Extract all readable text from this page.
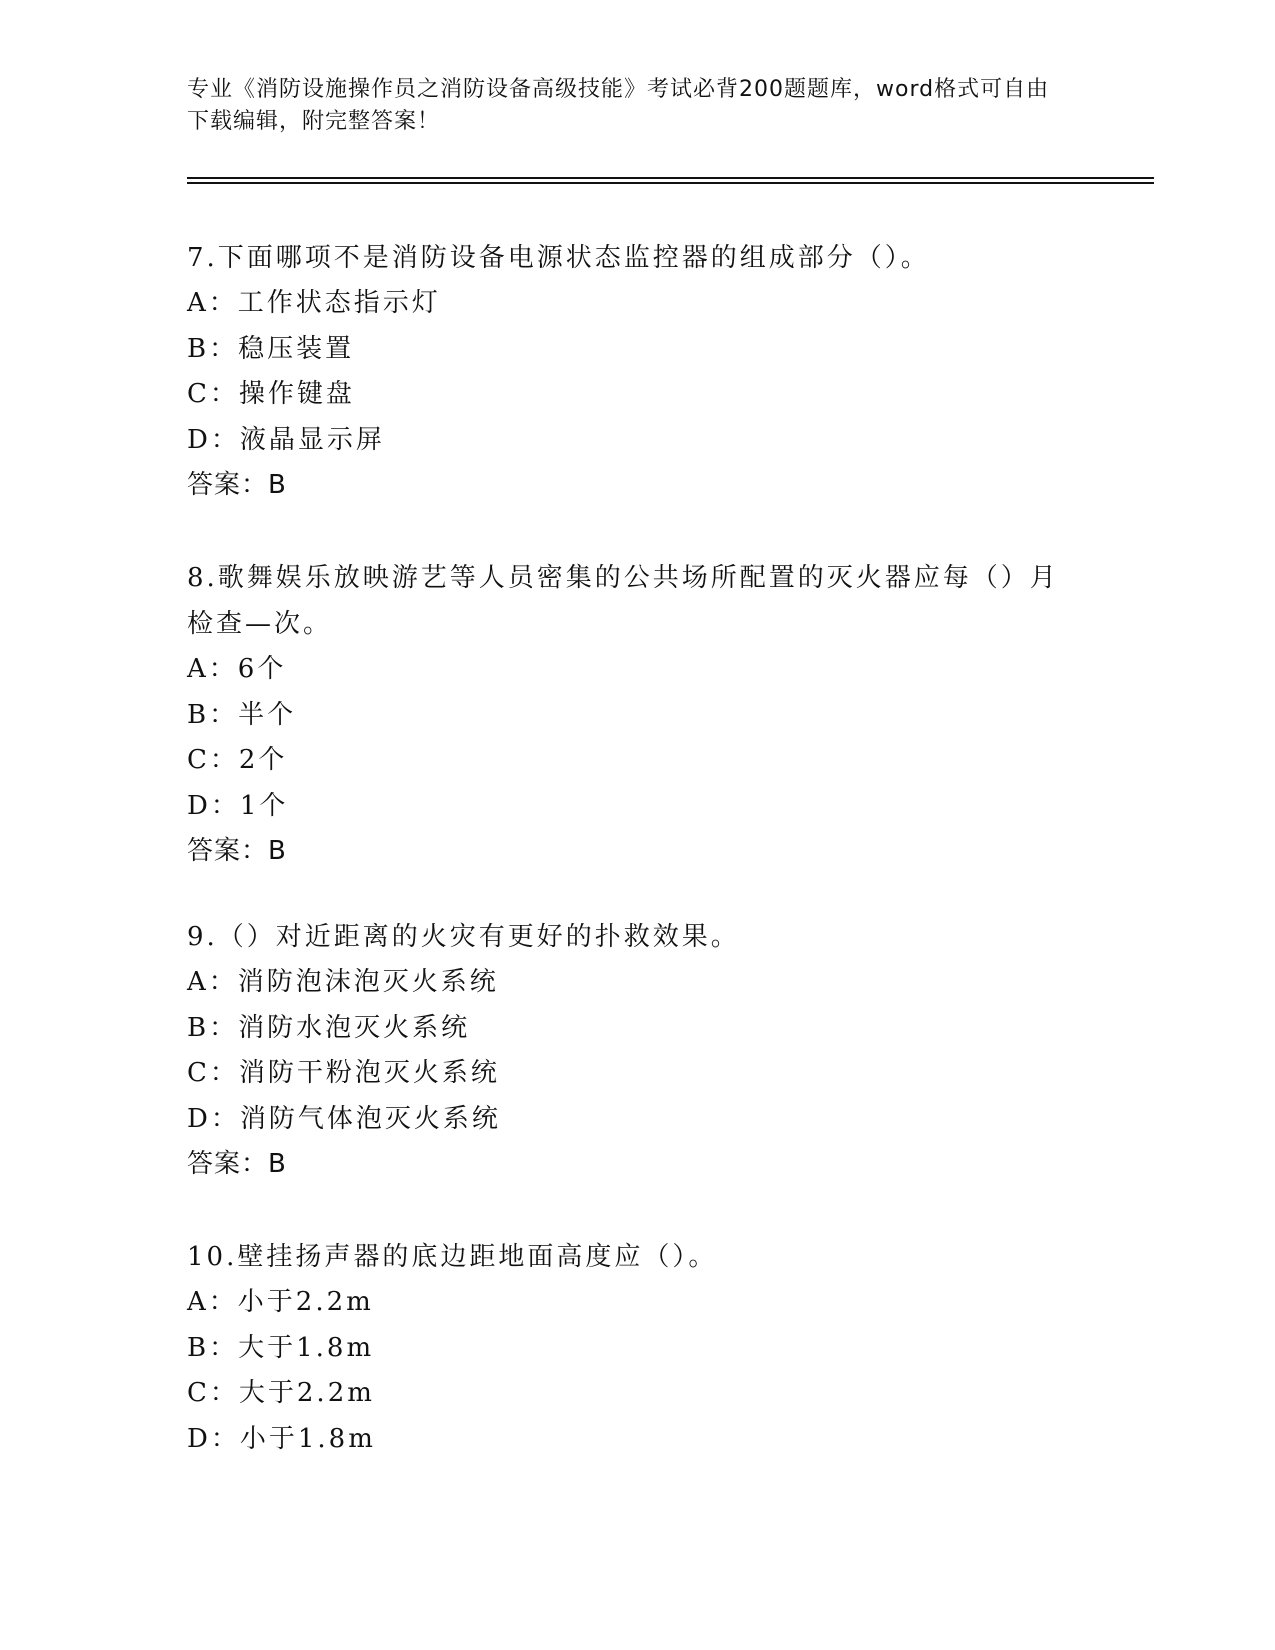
专业《消防设施操作员之消防设备高级技能》考试必背200题题库，word格式可自由下载编辑，附完整答案！

7.下面哪项不是消防设备电源状态监控器的组成部分（）。

A：工作状态指示灯

B：稳压装置

C：操作键盘

D：液晶显示屏

答案：B

8.歌舞娱乐放映游艺等人员密集的公共场所配置的灭火器应每（）月检查—次。

A：6个

B：半个

C：2个

D：1个

答案：B

9.（）对近距离的火灾有更好的扑救效果。

A：消防泡沫泡灭火系统

B：消防水泡灭火系统

C：消防干粉泡灭火系统

D：消防气体泡灭火系统

答案：B

10.壁挂扬声器的底边距地面高度应（）。

A：小于2.2m

B：大于1.8m

C：大于2.2m

D：小于1.8m
